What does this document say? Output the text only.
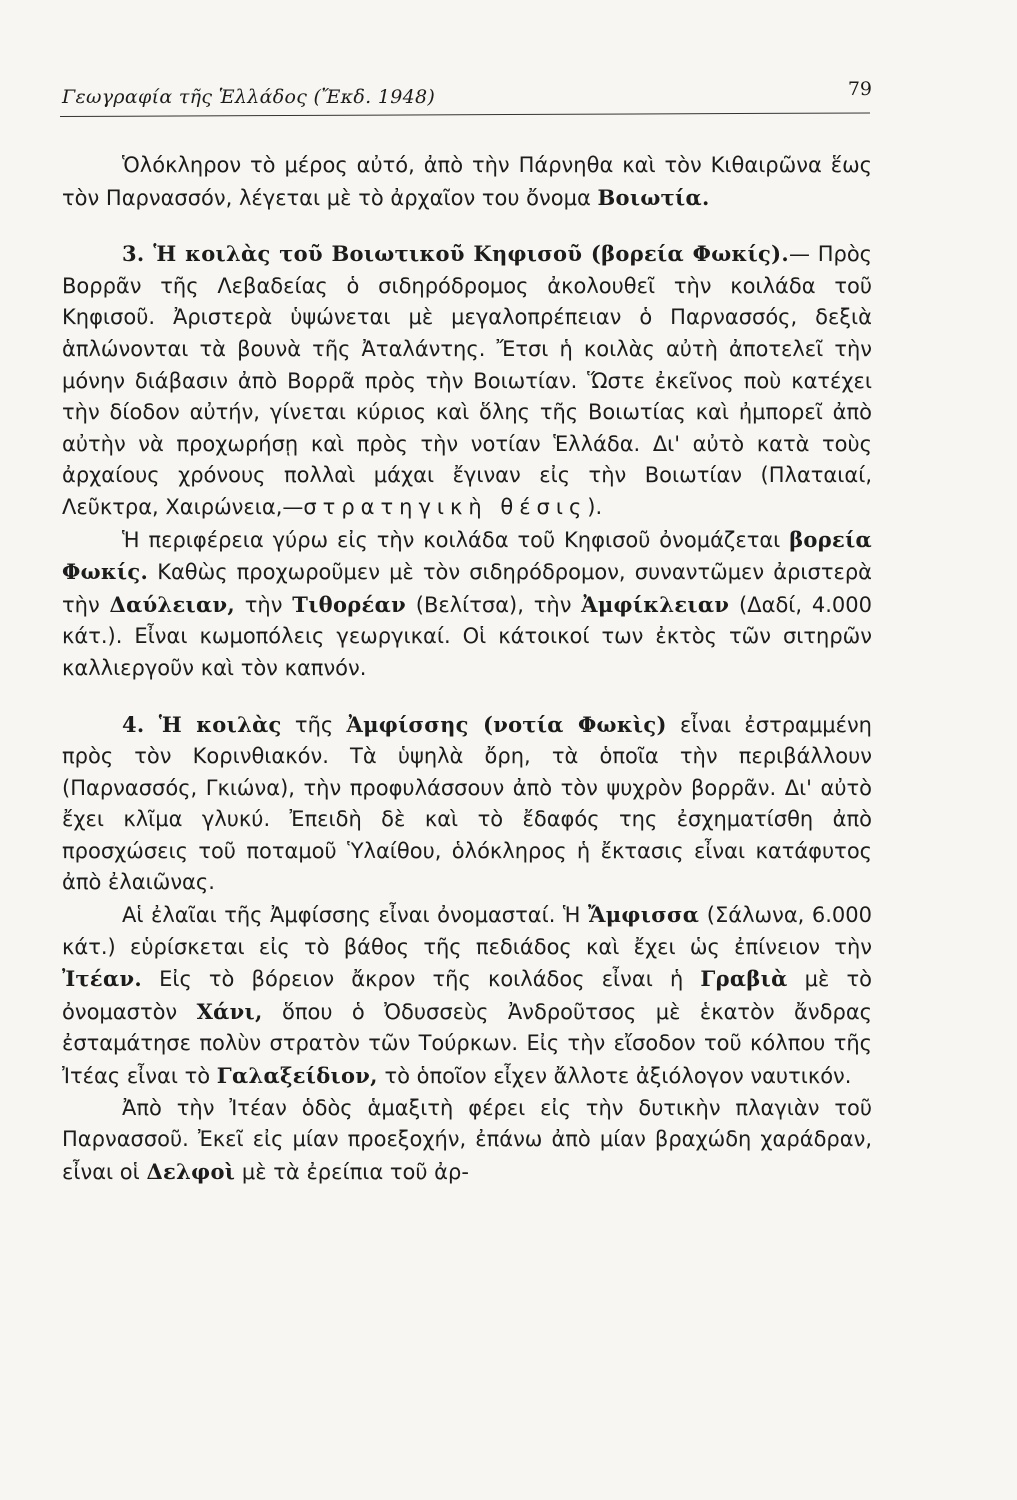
Γεωγραφία τῆς Ἑλλάδος (Ἔκδ. 1948)	79

Ὁλόκληρον τὸ μέρος αὐτό, ἀπὸ τὴν Πάρνηθα καὶ τὸν Κιθαιρῶνα ἕως τὸν Παρνασσόν, λέγεται μὲ τὸ ἀρχαῖον του ὄνομα Βοιωτία.

3. Ἡ κοιλὰς τοῦ Βοιωτικοῦ Κηφισοῦ (βορεία Φωκίς).— Πρὸς Βορρᾶν τῆς Λεβαδείας ὁ σιδηρόδρομος ἀκολουθεῖ τὴν κοιλάδα τοῦ Κηφισοῦ. Ἀριστερὰ ὑψώνεται μὲ μεγαλοπρέπειαν ὁ Παρνασσός, δεξιὰ ἁπλώνονται τὰ βουνὰ τῆς Ἀταλάντης. Ἔτσι ἡ κοιλὰς αὐτὴ ἀποτελεῖ τὴν μόνην διάβασιν ἀπὸ Βορρᾶ πρὸς τὴν Βοιωτίαν. Ὥστε ἐκεῖνος ποὺ κατέχει τὴν δίοδον αὐτήν, γίνεται κύριος καὶ ὅλης τῆς Βοιωτίας καὶ ἠμπορεῖ ἀπὸ αὐτὴν νὰ προχωρήσῃ καὶ πρὸς τὴν νοτίαν Ἑλλάδα. Δι' αὐτὸ κατὰ τοὺς ἀρχαίους χρόνους πολλαὶ μάχαι ἔγιναν εἰς τὴν Βοιωτίαν (Πλαταιαί, Λεῦκτρα, Χαιρώνεια,—στρατηγικὴ θέσις).

Ἡ περιφέρεια γύρω εἰς τὴν κοιλάδα τοῦ Κηφισοῦ ὀνομάζεται βορεία Φωκίς. Καθὼς προχωροῦμεν μὲ τὸν σιδηρόδρομον, συναντῶμεν ἀριστερὰ τὴν Δαύλειαν, τὴν Τιθορέαν (Βελίτσα), τὴν Ἀμφίκλειαν (Δαδί, 4.000 κάτ.). Εἶναι κωμοπόλεις γεωργικαί. Οἱ κάτοικοί των ἐκτὸς τῶν σιτηρῶν καλλιεργοῦν καὶ τὸν καπνόν.

4. Ἡ κοιλὰς τῆς Ἀμφίσσης (νοτία Φωκὶς) εἶναι ἐστραμμένη πρὸς τὸν Κορινθιακόν. Τὰ ὑψηλὰ ὄρη, τὰ ὁποῖα τὴν περιβάλλουν (Παρνασσός, Γκιώνα), τὴν προφυλάσσουν ἀπὸ τὸν ψυχρὸν βορρᾶν. Δι' αὐτὸ ἔχει κλῖμα γλυκύ. Ἐπειδὴ δὲ καὶ τὸ ἔδαφός της ἐσχηματίσθη ἀπὸ προσχώσεις τοῦ ποταμοῦ Ὑλαίθου, ὁλόκληρος ἡ ἔκτασις εἶναι κατάφυτος ἀπὸ ἐλαιῶνας.

Αἱ ἐλαῖαι τῆς Ἀμφίσσης εἶναι ὀνομασταί. Ἡ Ἄμφισσα (Σάλωνα, 6.000 κάτ.) εὑρίσκεται εἰς τὸ βάθος τῆς πεδιάδος καὶ ἔχει ὡς ἐπίνειον τὴν Ἰτέαν. Εἰς τὸ βόρειον ἄκρον τῆς κοιλάδος εἶναι ἡ Γραβιὰ μὲ τὸ ὀνομαστὸν Χάνι, ὅπου ὁ Ὀδυσσεὺς Ἀνδροῦτσος μὲ ἑκατὸν ἄνδρας ἐσταμάτησε πολὺν στρατὸν τῶν Τούρκων. Εἰς τὴν εἴσοδον τοῦ κόλπου τῆς Ἰτέας εἶναι τὸ Γαλαξείδιον, τὸ ὁποῖον εἶχεν ἄλλοτε ἀξιόλογον ναυτικόν.

Ἀπὸ τὴν Ἰτέαν ὁδὸς ἁμαξιτὴ φέρει εἰς τὴν δυτικὴν πλαγιὰν τοῦ Παρνασσοῦ. Ἐκεῖ εἰς μίαν προεξοχήν, ἐπάνω ἀπὸ μίαν βραχώδη χαράδραν, εἶναι οἱ Δελφοὶ μὲ τὰ ἐρείπια τοῦ ἀρ-
